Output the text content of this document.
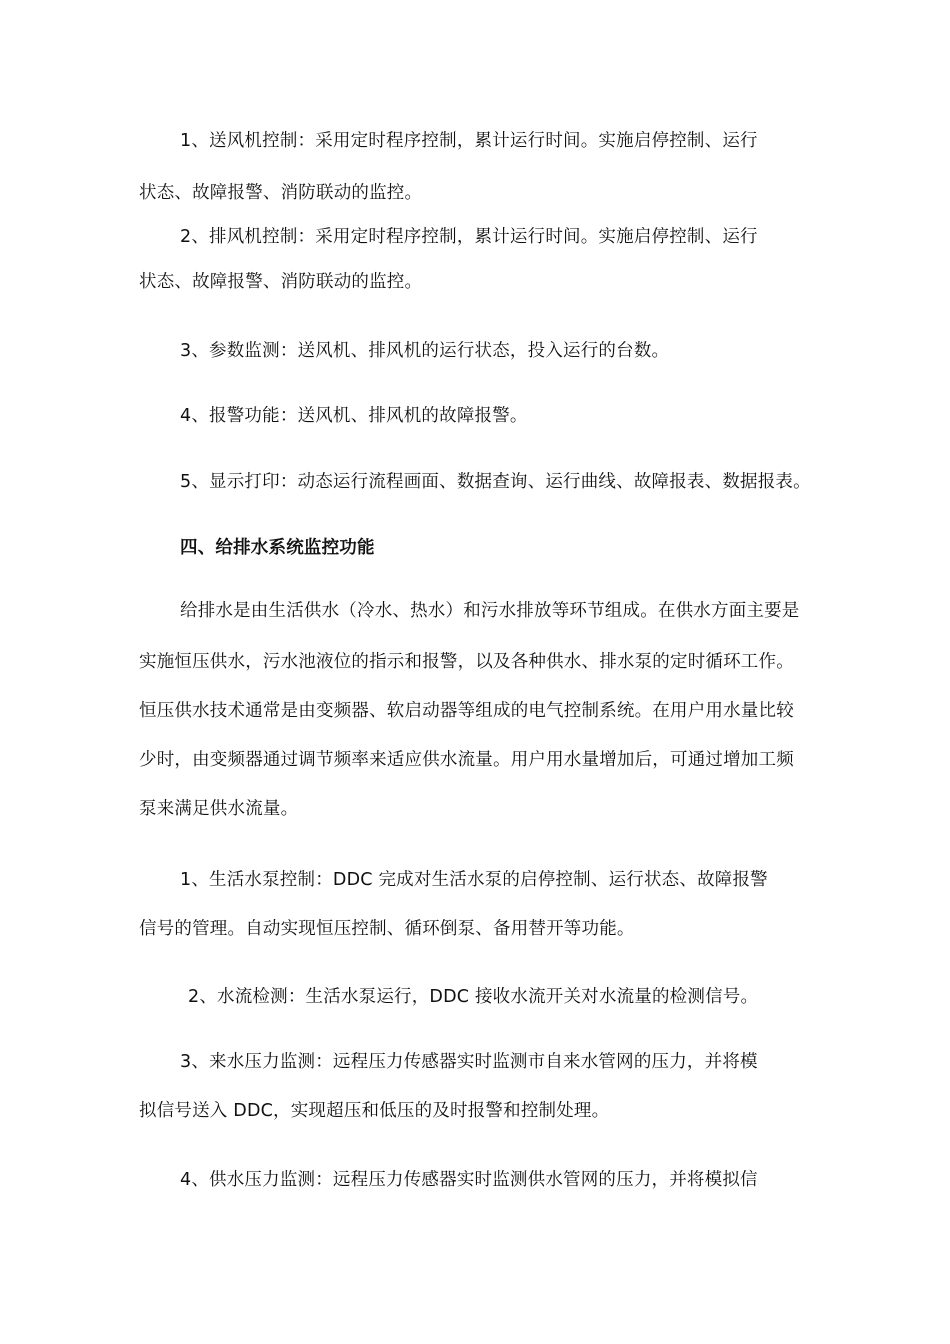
1、送风机控制：采用定时程序控制，累计运行时间。实施启停控制、运行
状态、故障报警、消防联动的监控。
2、排风机控制：采用定时程序控制，累计运行时间。实施启停控制、运行
状态、故障报警、消防联动的监控。
3、参数监测：送风机、排风机的运行状态，投入运行的台数。
4、报警功能：送风机、排风机的故障报警。
5、显示打印：动态运行流程画面、数据查询、运行曲线、故障报表、数据报表。
四、给排水系统监控功能
给排水是由生活供水（冷水、热水）和污水排放等环节组成。在供水方面主要是
实施恒压供水，污水池液位的指示和报警，以及各种供水、排水泵的定时循环工作。
恒压供水技术通常是由变频器、软启动器等组成的电气控制系统。在用户用水量比较
少时，由变频器通过调节频率来适应供水流量。用户用水量增加后，可通过增加工频
泵来满足供水流量。
1、生活水泵控制：DDC 完成对生活水泵的启停控制、运行状态、故障报警
信号的管理。自动实现恒压控制、循环倒泵、备用替开等功能。
2、水流检测：生活水泵运行，DDC 接收水流开关对水流量的检测信号。
3、来水压力监测：远程压力传感器实时监测市自来水管网的压力，并将模
拟信号送入 DDC，实现超压和低压的及时报警和控制处理。
4、供水压力监测：远程压力传感器实时监测供水管网的压力，并将模拟信
